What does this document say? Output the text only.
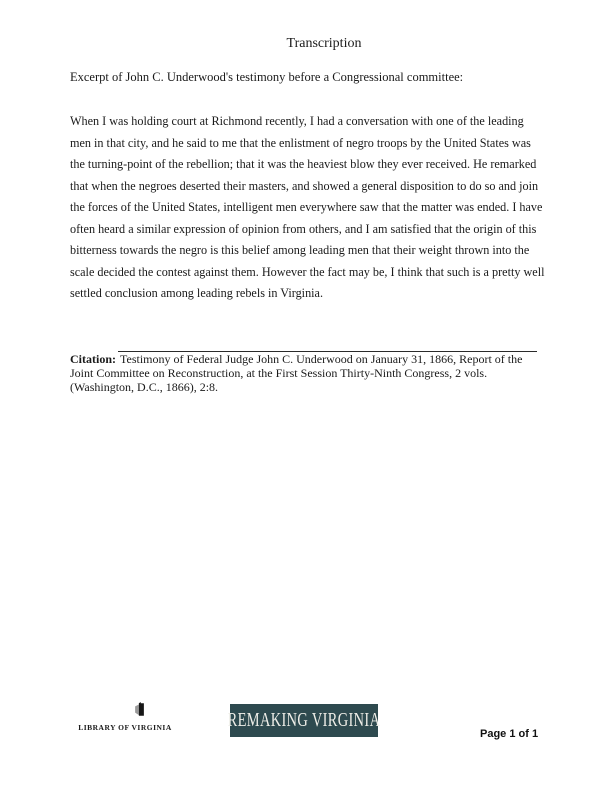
Transcription
Excerpt of John C. Underwood's testimony before a Congressional committee:
When I was holding court at Richmond recently, I had a conversation with one of the leading
men in that city, and he said to me that the enlistment of negro troops by the United States was
the turning-point of the rebellion; that it was the heaviest blow they ever received. He remarked
that when the negroes deserted their masters, and showed a general disposition to do so and join
the forces of the United States, intelligent men everywhere saw that the matter was ended. I have
often heard a similar expression of opinion from others, and I am satisfied that the origin of this
bitterness towards the negro is this belief among leading men that their weight thrown into the
scale decided the contest against them. However the fact may be, I think that such is a pretty well
settled conclusion among leading rebels in Virginia.
Citation: Testimony of Federal Judge John C. Underwood on January 31, 1866, Report of the
Joint Committee on Reconstruction, at the First Session Thirty-Ninth Congress, 2 vols.
(Washington, D.C., 1866), 2:8.
LIBRARY OF VIRGINIA	REMAKING VIRGINIA
Page 1 of 1
